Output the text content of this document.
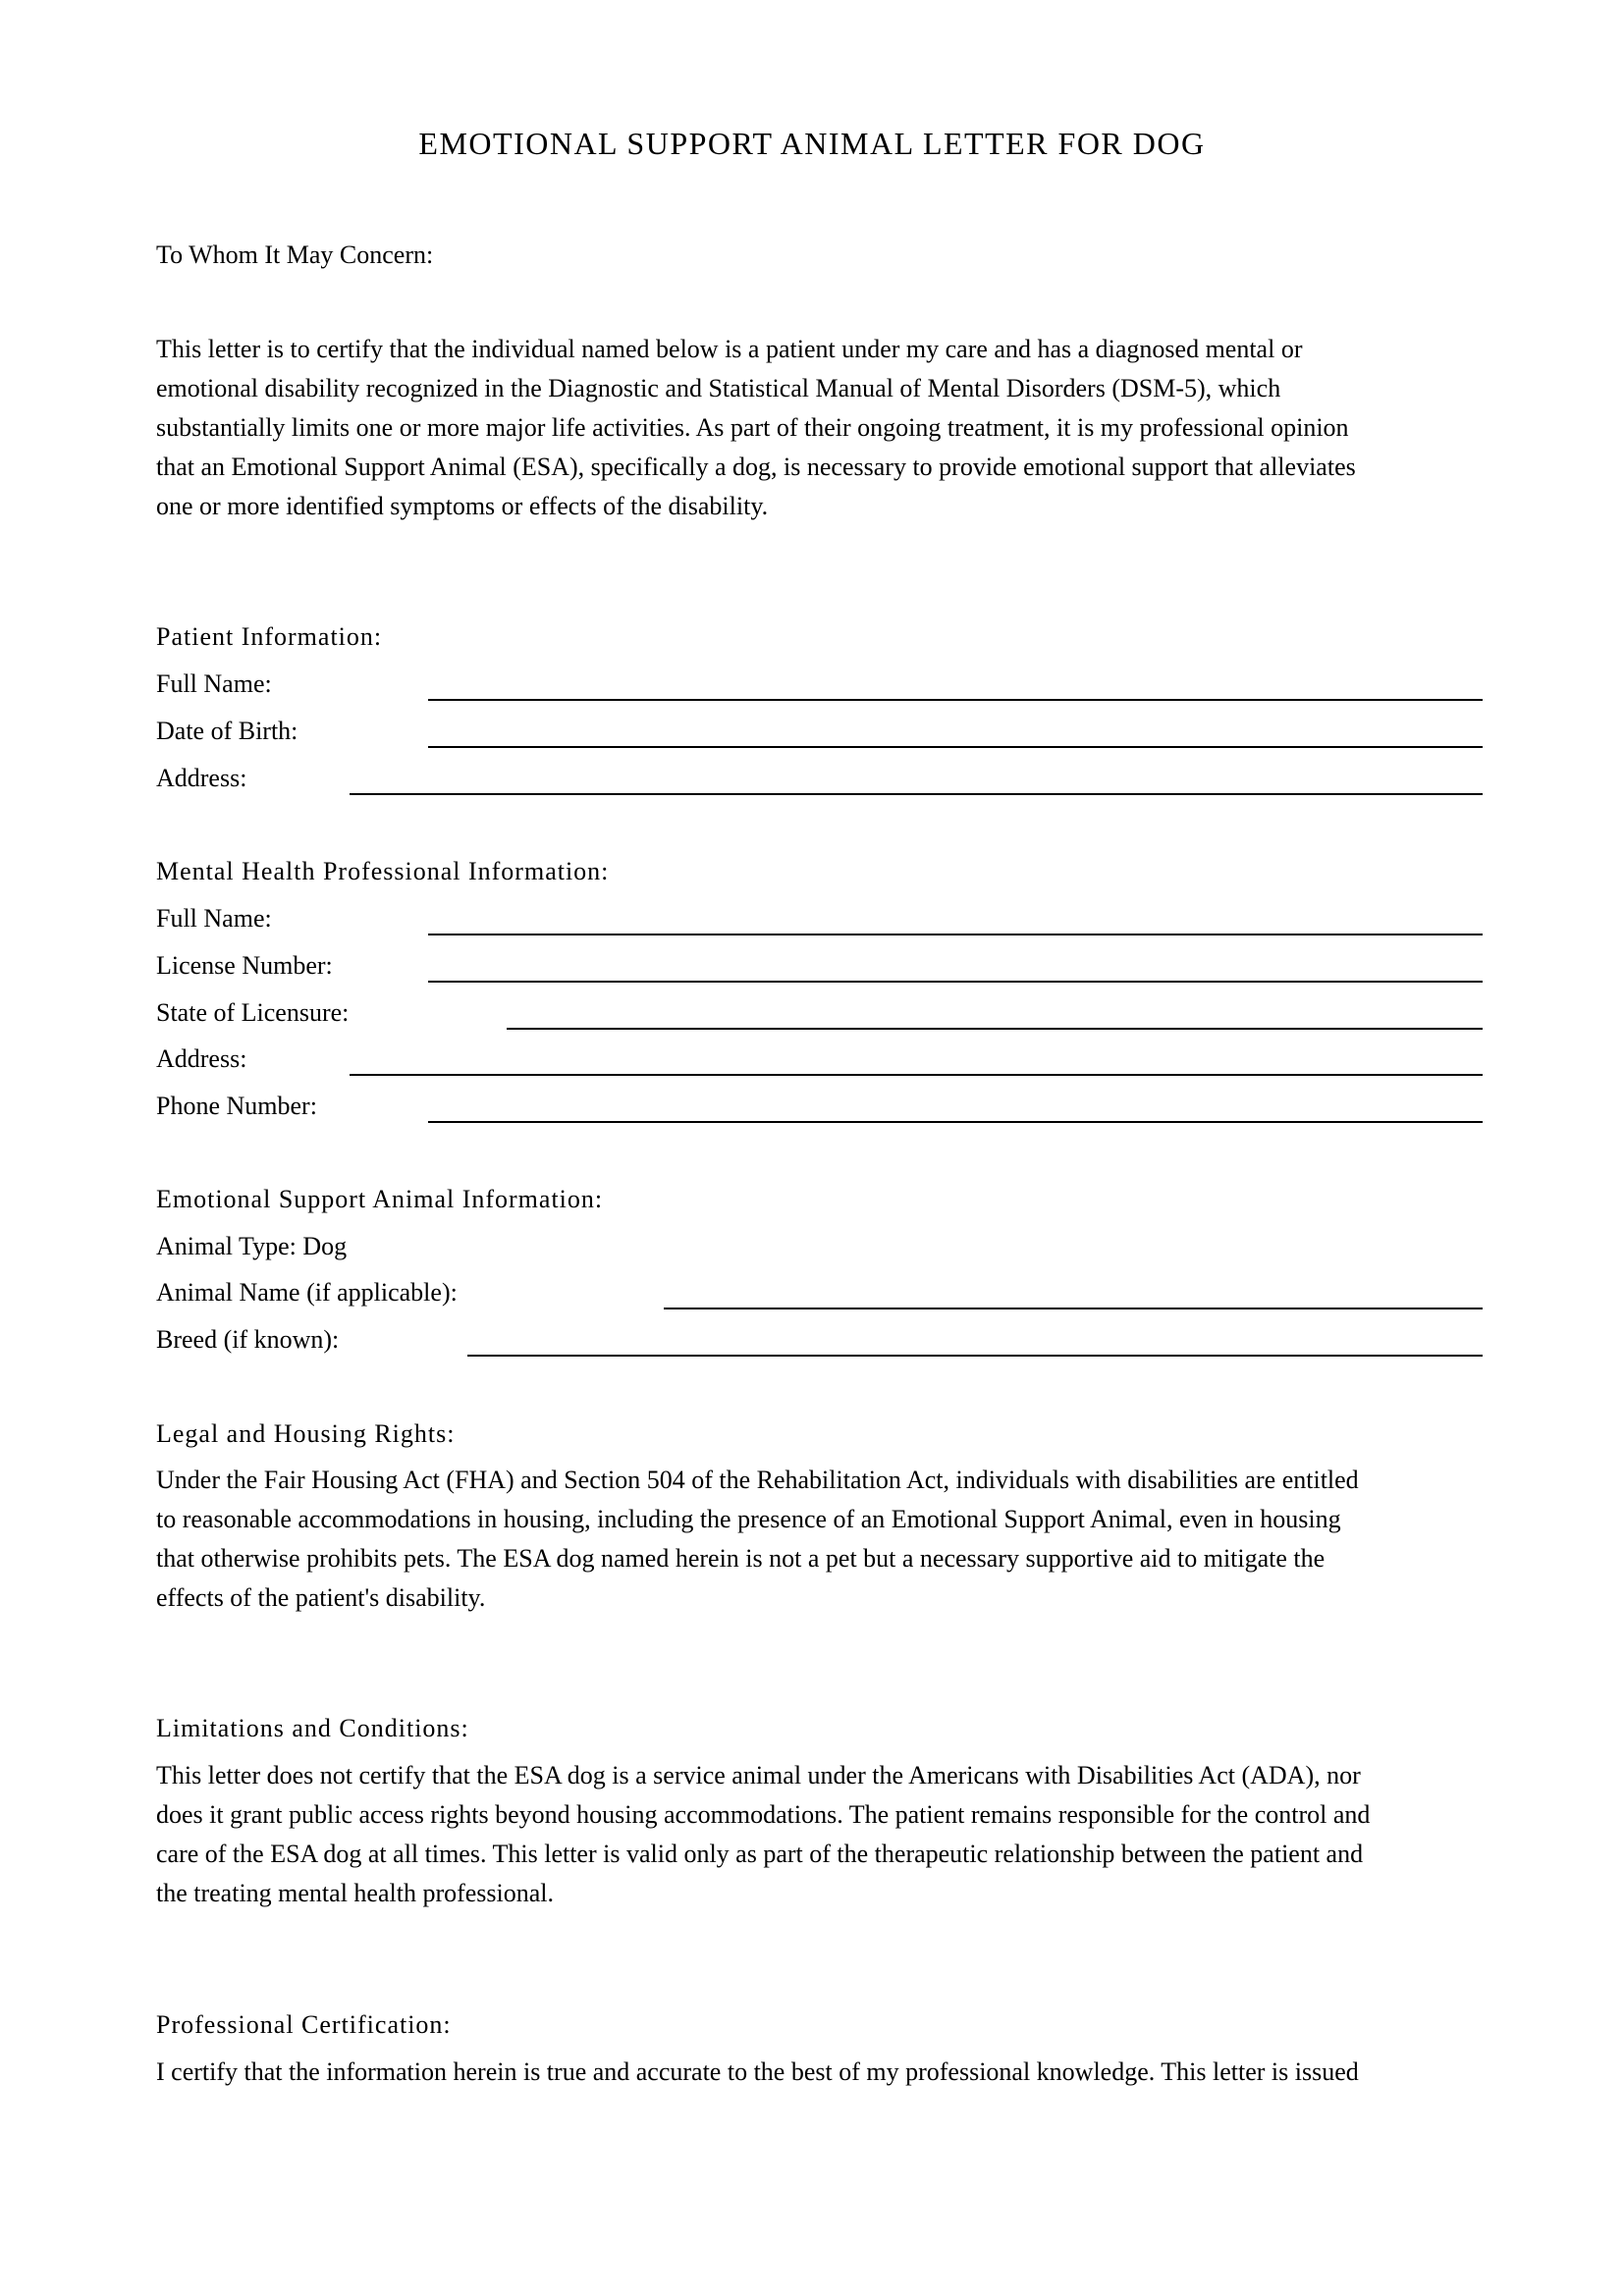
EMOTIONAL SUPPORT ANIMAL LETTER FOR DOG
To Whom It May Concern:
This letter is to certify that the individual named below is a patient under my care and has a diagnosed mental or
emotional disability recognized in the Diagnostic and Statistical Manual of Mental Disorders (DSM-5), which
substantially limits one or more major life activities. As part of their ongoing treatment, it is my professional opinion
that an Emotional Support Animal (ESA), specifically a dog, is necessary to provide emotional support that alleviates
one or more identified symptoms or effects of the disability.
Patient Information:
Full Name:
Date of Birth:
Address:
Mental Health Professional Information:
Full Name:
License Number:
State of Licensure:
Address:
Phone Number:
Emotional Support Animal Information:
Animal Type: Dog
Animal Name (if applicable):
Breed (if known):
Legal and Housing Rights:
Under the Fair Housing Act (FHA) and Section 504 of the Rehabilitation Act, individuals with disabilities are entitled
to reasonable accommodations in housing, including the presence of an Emotional Support Animal, even in housing
that otherwise prohibits pets. The ESA dog named herein is not a pet but a necessary supportive aid to mitigate the
effects of the patient's disability.
Limitations and Conditions:
This letter does not certify that the ESA dog is a service animal under the Americans with Disabilities Act (ADA), nor
does it grant public access rights beyond housing accommodations. The patient remains responsible for the control and
care of the ESA dog at all times. This letter is valid only as part of the therapeutic relationship between the patient and
the treating mental health professional.
Professional Certification:
I certify that the information herein is true and accurate to the best of my professional knowledge. This letter is issued
